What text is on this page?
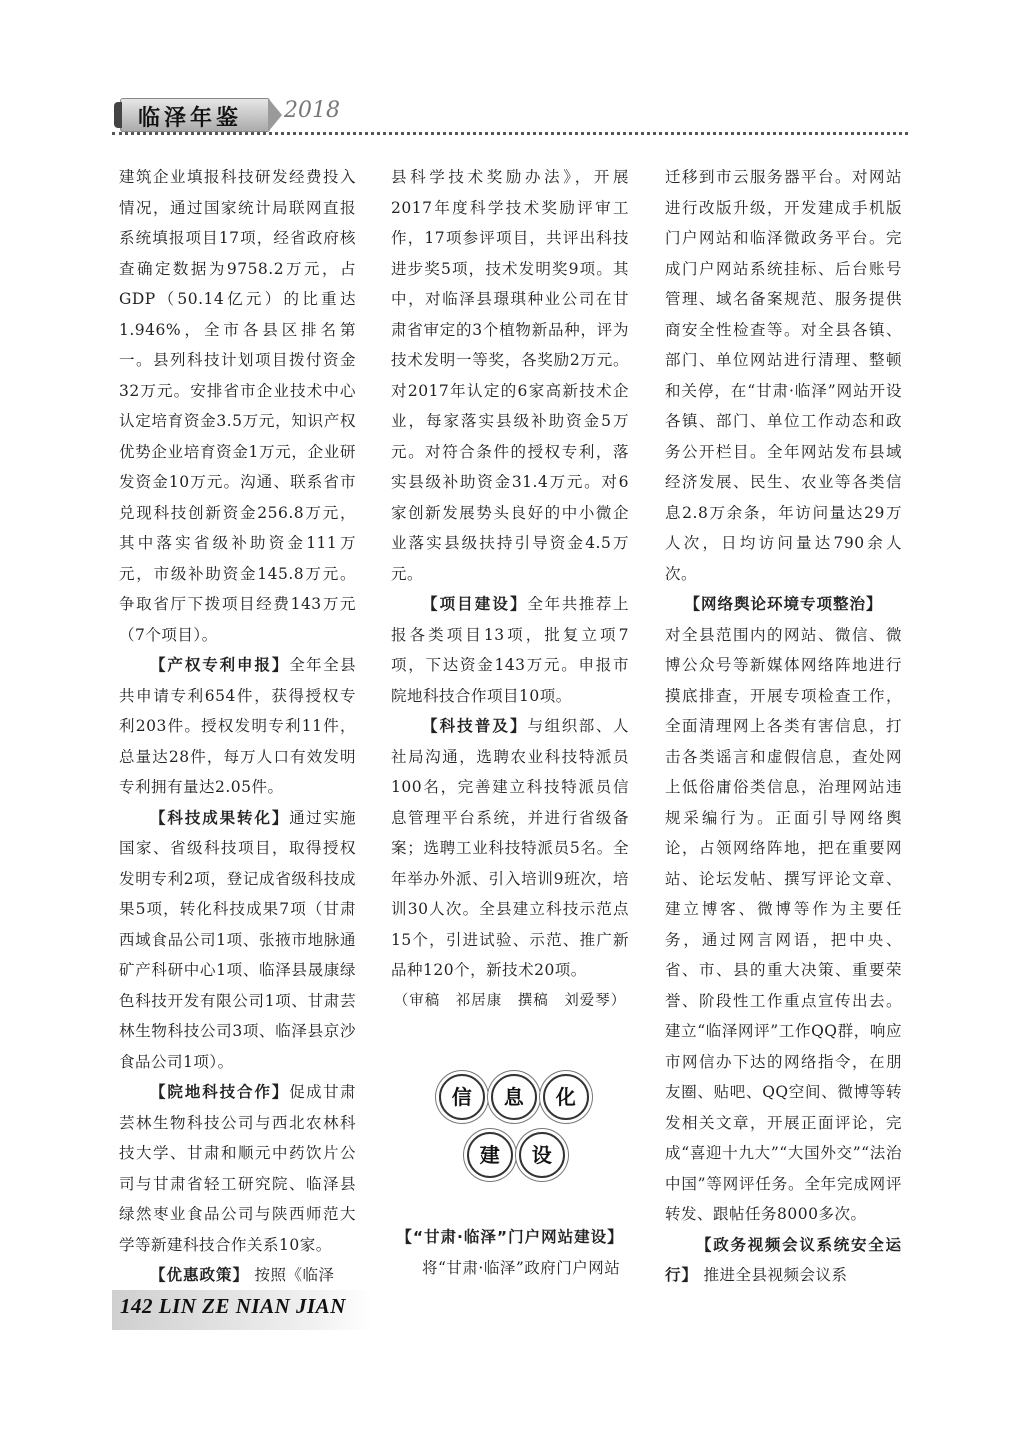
临泽年鉴 2018

建筑企业填报科技研发经费投入情况，通过国家统计局联网直报系统填报项目17项，经省政府核查确定数据为9758.2万元，占GDP（50.14亿元）的比重达1.946%，全市各县区排名第一。县列科技计划项目拨付资金32万元。安排省市企业技术中心认定培育资金3.5万元，知识产权优势企业培育资金1万元，企业研发资金10万元。沟通、联系省市兑现科技创新资金256.8万元，其中落实省级补助资金111万元，市级补助资金145.8万元。争取省厅下拨项目经费143万元（7个项目）。

【产权专利申报】全年全县共申请专利654件，获得授权专利203件。授权发明专利11件，总量达28件，每万人口有效发明专利拥有量达2.05件。

【科技成果转化】通过实施国家、省级科技项目，取得授权发明专利2项，登记成省级科技成果5项，转化科技成果7项（甘肃西域食品公司1项、张掖市地脉通矿产科研中心1项、临泽县晟康绿色科技开发有限公司1项、甘肃芸林生物科技公司3项、临泽县京沙食品公司1项）。

【院地科技合作】促成甘肃芸林生物科技公司与西北农林科技大学、甘肃和顺元中药饮片公司与甘肃省轻工研究院、临泽县绿然枣业食品公司与陕西师范大学等新建科技合作关系10家。

【优惠政策】 按照《临泽

县科学技术奖励办法》，开展2017年度科学技术奖励评审工作，17项参评项目，共评出科技进步奖5项，技术发明奖9项。其中，对临泽县璟琪种业公司在甘肃省审定的3个植物新品种，评为技术发明一等奖，各奖励2万元。对2017年认定的6家高新技术企业，每家落实县级补助资金5万元。对符合条件的授权专利，落实县级补助资金31.4万元。对6家创新发展势头良好的中小微企业落实县级扶持引导资金4.5万元。

【项目建设】全年共推荐上报各类项目13项，批复立项7项，下达资金143万元。申报市院地科技合作项目10项。

【科技普及】与组织部、人社局沟通，选聘农业科技特派员100名，完善建立科技特派员信息管理平台系统，并进行省级备案；选聘工业科技特派员5名。全年举办外派、引入培训9班次，培训30人次。全县建立科技示范点15个，引进试验、示范、推广新品种120个，新技术20项。

（审稿　祁居康　撰稿　刘爱琴）

信	息	化
建	设

【“甘肃·临泽”门户网站建设】

将“甘肃·临泽”政府门户网站

迁移到市云服务器平台。对网站进行改版升级，开发建成手机版门户网站和临泽微政务平台。完成门户网站系统挂标、后台账号管理、域名备案规范、服务提供商安全性检查等。对全县各镇、部门、单位网站进行清理、整顿和关停，在“甘肃·临泽”网站开设各镇、部门、单位工作动态和政务公开栏目。全年网站发布县域经济发展、民生、农业等各类信息2.8万余条，年访问量达29万人次，日均访问量达790余人次。

【网络舆论环境专项整治】

对全县范围内的网站、微信、微博公众号等新媒体网络阵地进行摸底排查，开展专项检查工作，全面清理网上各类有害信息，打击各类谣言和虚假信息，查处网上低俗庸俗类信息，治理网站违规采编行为。正面引导网络舆论，占领网络阵地，把在重要网站、论坛发帖、撰写评论文章、建立博客、微博等作为主要任务，通过网言网语，把中央、省、市、县的重大决策、重要荣誉、阶段性工作重点宣传出去。建立“临泽网评”工作QQ群，响应市网信办下达的网络指令，在朋友圈、贴吧、QQ空间、微博等转发相关文章，开展正面评论，完成“喜迎十九大”“大国外交”“法治中国”等网评任务。全年完成网评转发、跟帖任务8000多次。

【政务视频会议系统安全运行】 推进全县视频会议系

142 LIN ZE NIAN JIAN
